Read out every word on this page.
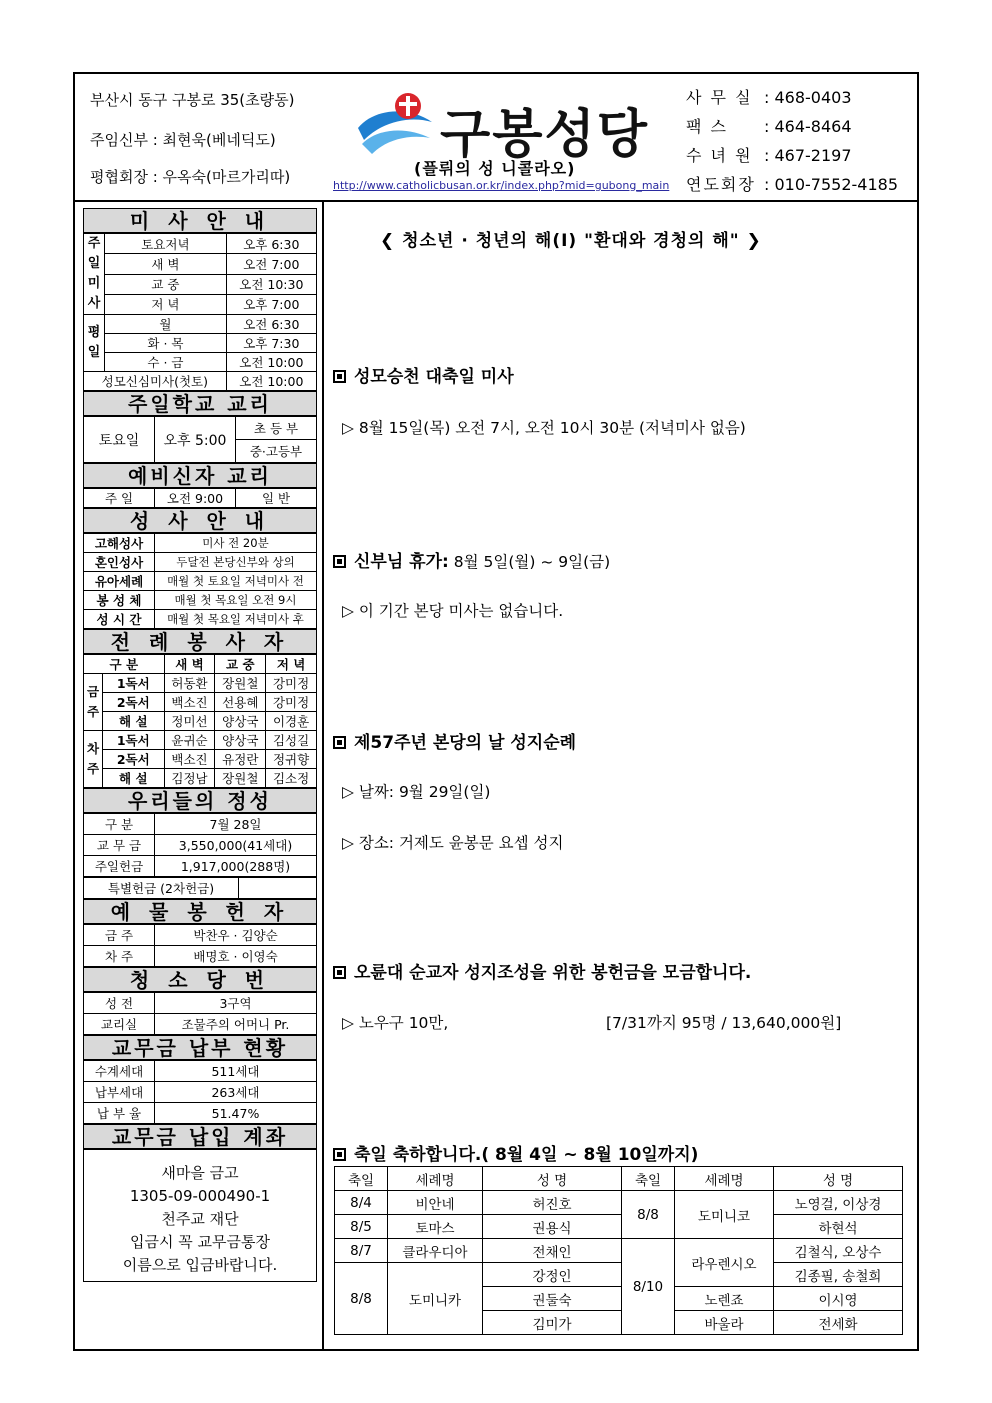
부산시 동구 구봉로 35(초량동)
주임신부 : 최현욱(베네딕도)
평협회장 : 우옥숙(마르가리따)
구봉성당
(플뤼의 성 니콜라오)
http://www.catholicbusan.or.kr/index.php?mid=gubong_main
사 무 실 : 468-0403
팩 스 : 464-8464
수 녀 원 : 467-2197
연도회장 : 010-7552-4185
미 사 안 내
주일미사	토요저녁	오후 6:30
	새 벽	오전 7:00
	교 중	오전 10:30
	저 녁	오후 7:00
평일	월	오전 6:30
	화 · 목	오후 7:30
	수 · 금	오전 10:00
성모신심미사(첫토)		오전 10:00
주일학교 교리
토요일	오후 5:00	초 등 부
중·고등부
예비신자 교리
주 일	오전 9:00	일 반
성 사 안 내
고해성사	미사 전 20분
혼인성사	두달전 본당신부와 상의
유아세례	매월 첫 토요일 저녁미사 전
봉 성 체	매월 첫 목요일 오전 9시
성 시 간	매월 첫 목요일 저녁미사 후
전 례 봉 사 자
구 분		새 벽	교 중	저 녁
금주	1독서	허동환	장원철	강미정
	2독서	백소진	선용혜	강미정
	해 설	정미선	양상국	이경훈
차주	1독서	윤귀순	양상국	김성길
	2독서	백소진	유정란	정귀향
	해 설	김정남	장원철	김소정
우리들의 정성
구 분	7월 28일
교 무 금	3,550,000(41세대)
주일헌금	1,917,000(288명)
특별헌금 (2차헌금)	
예 물 봉 헌 자
금 주	박찬우 · 김양순
차 주	배명호 · 이영숙
청 소 당 번
성 전	3구역
교리실	조물주의 어머니 Pr.
교무금 납부 현황
수계세대	511세대
납부세대	263세대
납 부 율	51.47%
교무금 납입 계좌
새마을 금고
1305-09-000490-1
천주교 재단
입금시 꼭 교무금통장
이름으로 입금바랍니다.
❮ 청소년 · 청년의 해(I) "환대와 경청의 해" ❯
성모승천 대축일 미사
▷ 8월 15일(목) 오전 7시, 오전 10시 30분 (저녁미사 없음)
신부님 휴가: 8월 5일(월) ~ 9일(금)
▷ 이 기간 본당 미사는 없습니다.
제57주년 본당의 날 성지순례
▷ 날짜: 9월 29일(일)
▷ 장소: 거제도 윤봉문 요셉 성지
오륜대 순교자 성지조성을 위한 봉헌금을 모금합니다.
▷ 노우구 10만,	[7/31까지 95명 / 13,640,000원]
축일 축하합니다.( 8월 4일 ~ 8월 10일까지)
축일	세례명	성 명	축일	세례명	성 명
8/4	비안네	허진호	8/8	도미니코	노영걸, 이상경
8/5	토마스	권용식			하현석
8/7	클라우디아	전채인	8/10	라우렌시오	김철식, 오상수
8/8	도미니카	강정인			김종필, 송철희
		권둘숙		노렌죠	이시영
		김미가		바울라	전세화
